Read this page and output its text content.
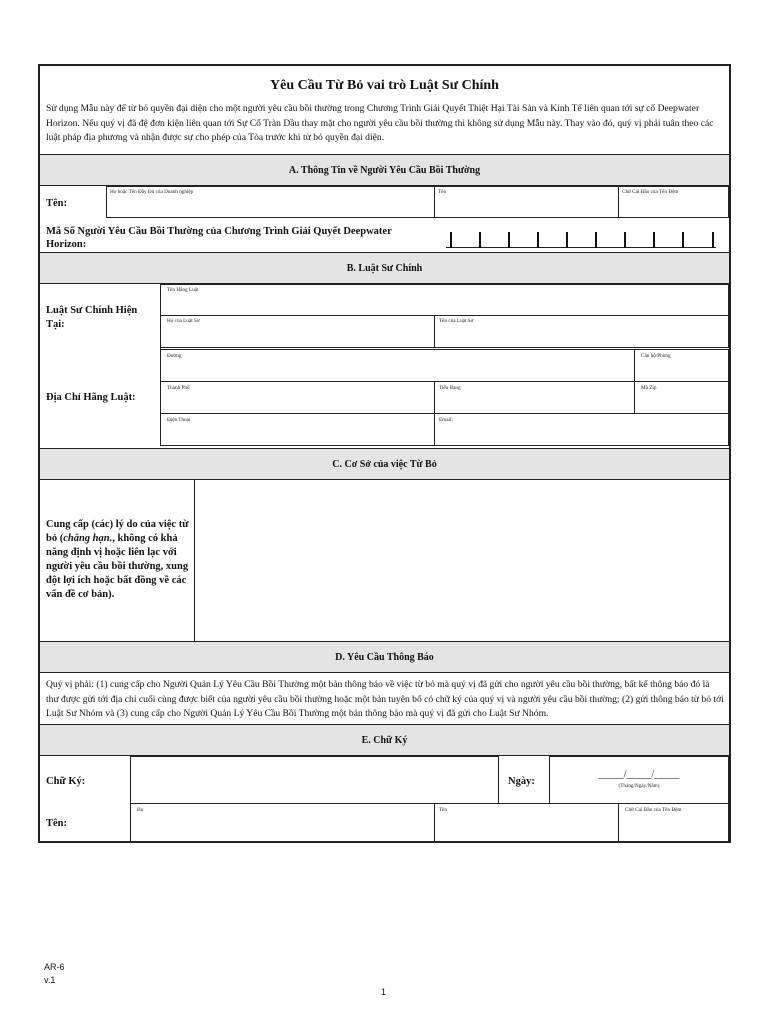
Yêu Cầu Từ Bỏ vai trò Luật Sư Chính
Sử dụng Mẫu này để từ bỏ quyền đại diện cho một người yêu cầu bồi thường trong Chương Trình Giải Quyết Thiệt Hại Tài Sản và Kinh Tế liên quan tới sự cố Deepwater Horizon. Nếu quý vị đã đệ đơn kiện liên quan tới Sự Cố Tràn Dầu thay mặt cho người yêu cầu bồi thường thì không sử dụng Mẫu này. Thay vào đó, quý vị phải tuân theo các luật pháp địa phương và nhận được sự cho phép của Tòa trước khi từ bỏ quyền đại diện.
A. Thông Tin về Người Yêu Cầu Bồi Thường
Tên:
Họ hoặc Tên Đầy Đủ của Doanh nghiệp	Tên	Chữ Cái Đầu của Tên Đệm
Mã Số Người Yêu Cầu Bồi Thường của Chương Trình Giải Quyết Deepwater Horizon:
B. Luật Sư Chính
Luật Sư Chính Hiện Tại:
Tên Hãng Luật
Họ của Luật Sư	Tên của Luật Sư
Địa Chỉ Hãng Luật:
Đường	Căn hộ/Phòng
Thành Phố	Tiểu Bang	Mã Zip
Điện Thoại	Email:
C. Cơ Sở của việc Từ Bỏ
Cung cấp (các) lý do của việc từ bỏ (chẳng hạn., không có khả năng định vị hoặc liên lạc với người yêu cầu bồi thường, xung đột lợi ích hoặc bất đồng về các vấn đề cơ bản).
D. Yêu Cầu Thông Báo
Quý vị phải: (1) cung cấp cho Người Quản Lý Yêu Cầu Bồi Thường một bản thông báo về việc từ bỏ mà quý vị đã gửi cho người yêu cầu bồi thường, bất kể thông báo đó là thư được gửi tới địa chỉ cuối cùng được biết của người yêu cầu bồi thường hoặc một bản tuyên bố có chữ ký của quý vị và người yêu cầu bồi thường; (2) gửi thông báo từ bỏ tới Luật Sư Nhóm và (3) cung cấp cho Người Quản Lý Yêu Cầu Bồi Thường một bản thông báo mà quý vị đã gửi cho Luật Sư Nhóm.
E. Chữ Ký
Chữ Ký:	Ngày:
_____/_____/_____
(Tháng/Ngày/Năm)
Tên:
Họ	Tên	Chữ Cái Đầu của Tên Đệm
AR-6
v.1
1
